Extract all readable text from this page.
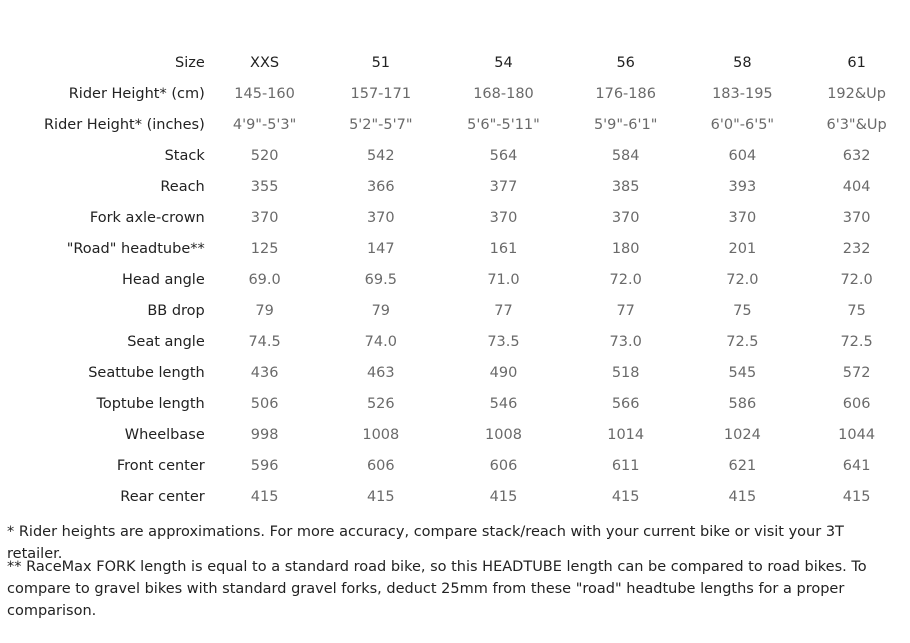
Size	XXS	51	54	56	58	61
Rider Height* (cm)	145-160	157-171	168-180	176-186	183-195	192&Up
Rider Height* (inches)	4'9"-5'3"	5'2"-5'7"	5'6"-5'11"	5'9"-6'1"	6'0"-6'5"	6'3"&Up
Stack	520	542	564	584	604	632
Reach	355	366	377	385	393	404
Fork axle-crown	370	370	370	370	370	370
"Road" headtube**	125	147	161	180	201	232
Head angle	69.0	69.5	71.0	72.0	72.0	72.0
BB drop	79	79	77	77	75	75
Seat angle	74.5	74.0	73.5	73.0	72.5	72.5
Seattube length	436	463	490	518	545	572
Toptube length	506	526	546	566	586	606
Wheelbase	998	1008	1008	1014	1024	1044
Front center	596	606	606	611	621	641
Rear center	415	415	415	415	415	415

* Rider heights are approximations. For more accuracy, compare stack/reach with your current bike or visit your 3T retailer.

** RaceMax FORK length is equal to a standard road bike, so this HEADTUBE length can be compared to road bikes. To compare to gravel bikes with standard gravel forks, deduct 25mm from these "road" headtube lengths for a proper comparison.
